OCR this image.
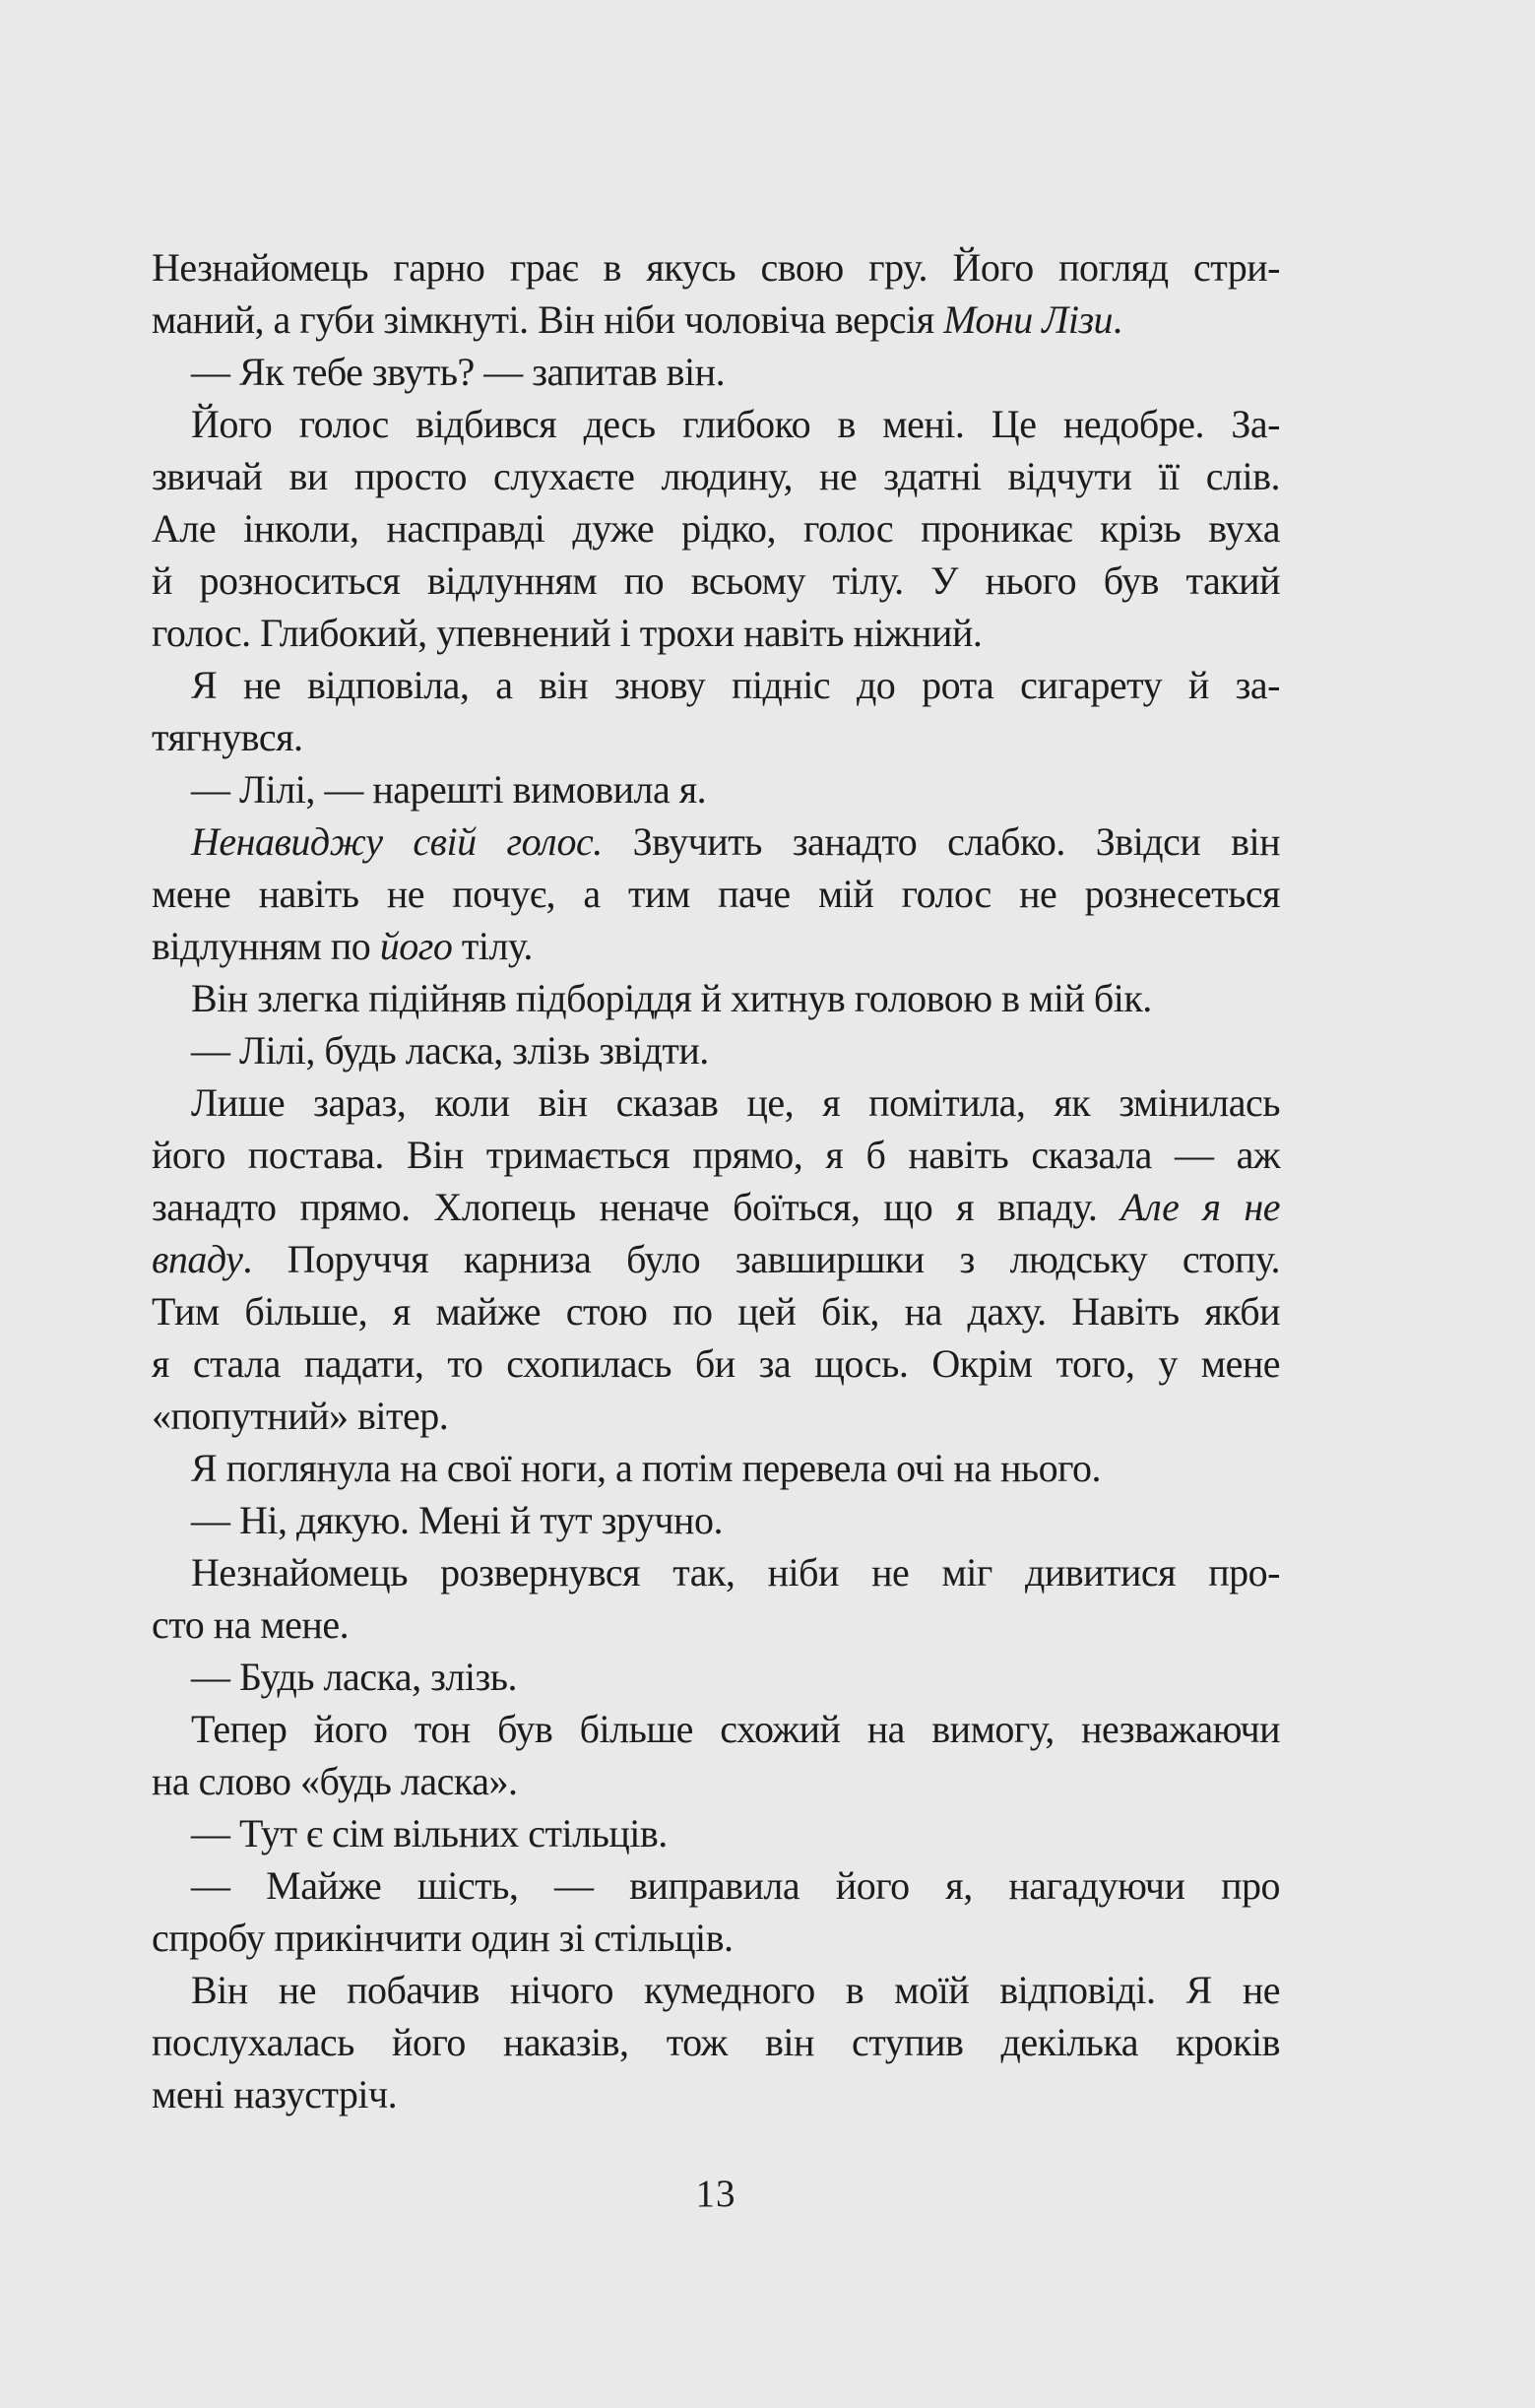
Незнайомець гарно грає в якусь свою гру. Його погляд стри-
маний, а губи зімкнуті. Він ніби чоловіча версія Мони Лізи.
— Як тебе звуть? — запитав він.
Його голос відбився десь глибоко в мені. Це недобре. За-
звичай ви просто слухаєте людину, не здатні відчути її слів.
Але інколи, насправді дуже рідко, голос проникає крізь вуха
й розноситься відлунням по всьому тілу. У нього був такий
голос. Глибокий, упевнений і трохи навіть ніжний.
Я не відповіла, а він знову підніс до рота сигарету й за-
тягнувся.
— Лілі, — нарешті вимовила я.
Ненавиджу свій голос. Звучить занадто слабко. Звідси він
мене навіть не почує, а тим паче мій голос не рознесеться
відлунням по його тілу.
Він злегка підійняв підборіддя й хитнув головою в мій бік.
— Лілі, будь ласка, злізь звідти.
Лише зараз, коли він сказав це, я помітила, як змінилась
його постава. Він тримається прямо, я б навіть сказала — аж
занадто прямо. Хлопець неначе боїться, що я впаду. Але я не
впаду. Поруччя карниза було завширшки з людську стопу.
Тим більше, я майже стою по цей бік, на даху. Навіть якби
я стала падати, то схопилась би за щось. Окрім того, у мене
«попутний» вітер.
Я поглянула на свої ноги, а потім перевела очі на нього.
— Ні, дякую. Мені й тут зручно.
Незнайомець розвернувся так, ніби не міг дивитися про-
сто на мене.
— Будь ласка, злізь.
Тепер його тон був більше схожий на вимогу, незважаючи
на слово «будь ласка».
— Тут є сім вільних стільців.
— Майже шість, — виправила його я, нагадуючи про
спробу прикінчити один зі стільців.
Він не побачив нічого кумедного в моїй відповіді. Я не
послухалась його наказів, тож він ступив декілька кроків
мені назустріч.
13
